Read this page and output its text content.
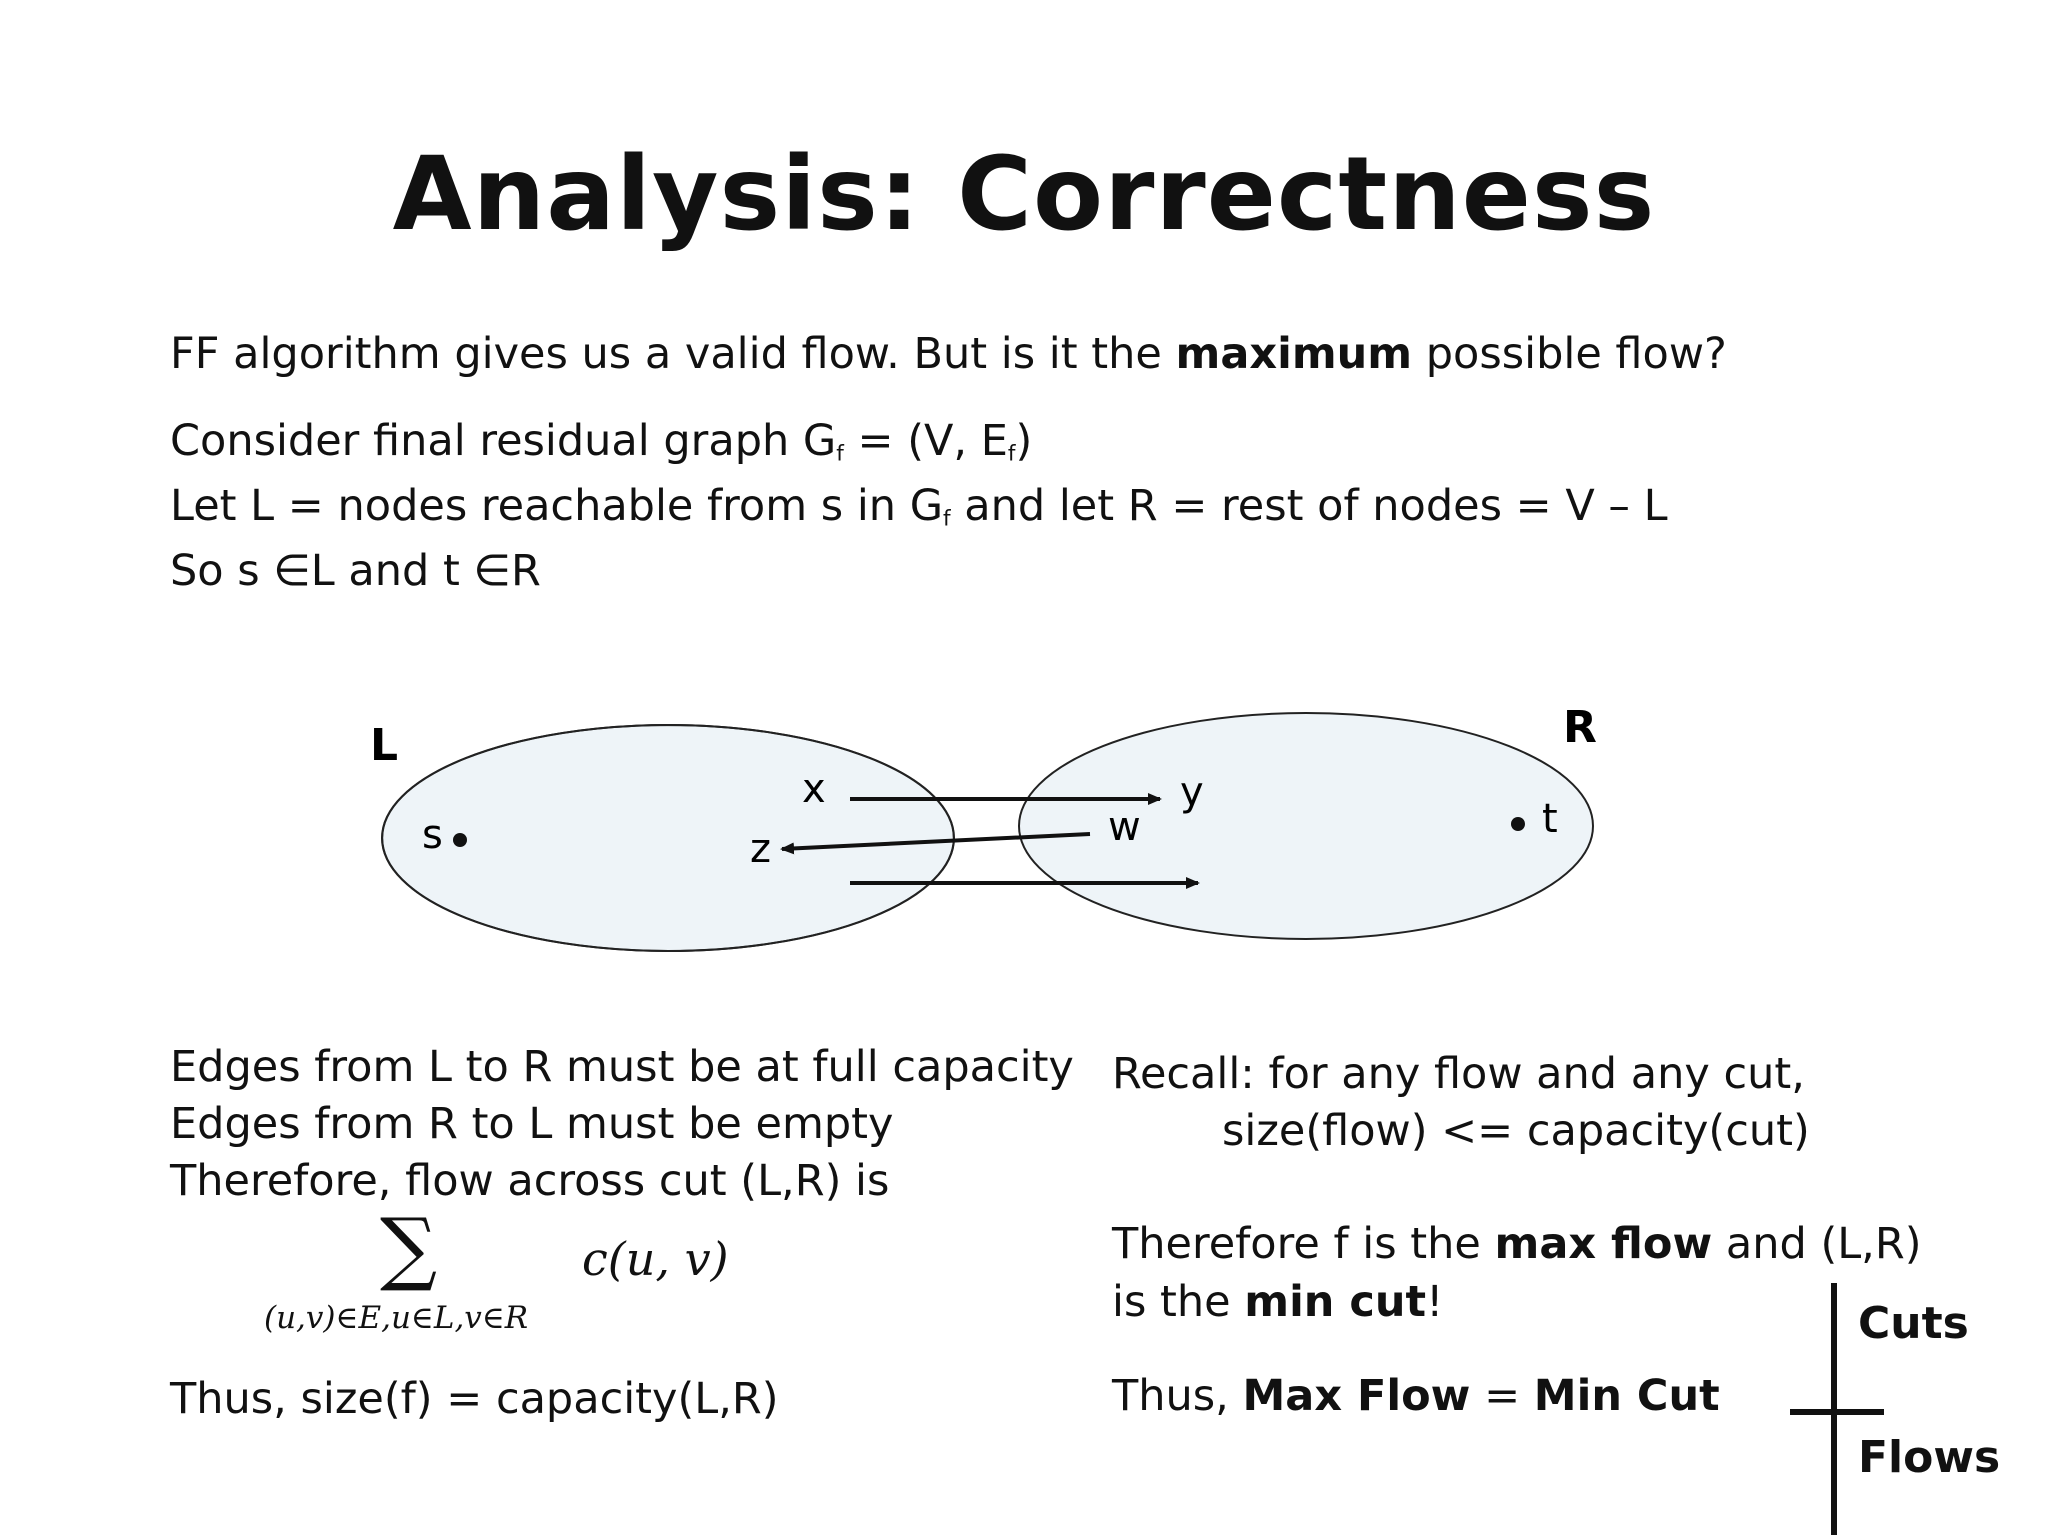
Analysis: Correctness
FF algorithm gives us a valid flow. But is it the maximum possible flow?
Consider final residual graph $G_f = (V$, $E_f$)
Let L = nodes reachable from s in $G_f$ and let R = rest of nodes = V – L
So s ∈L and t ∈R
L	R
s	t
x	y
z	w
Edges from L to R must be at full capacity
Edges from R to L must be empty
Therefore, flow across cut (L,R) is
∑
(u,v)∈E,u∈L,v∈R
c(u, v)
Thus, size(f) = capacity(L,R)
Recall: for any flow and any cut,
size(flow) <= capacity(cut)
Therefore f is the max flow and (L,R)
is the min cut!
Thus, Max Flow = Min Cut
Cuts
Flows
